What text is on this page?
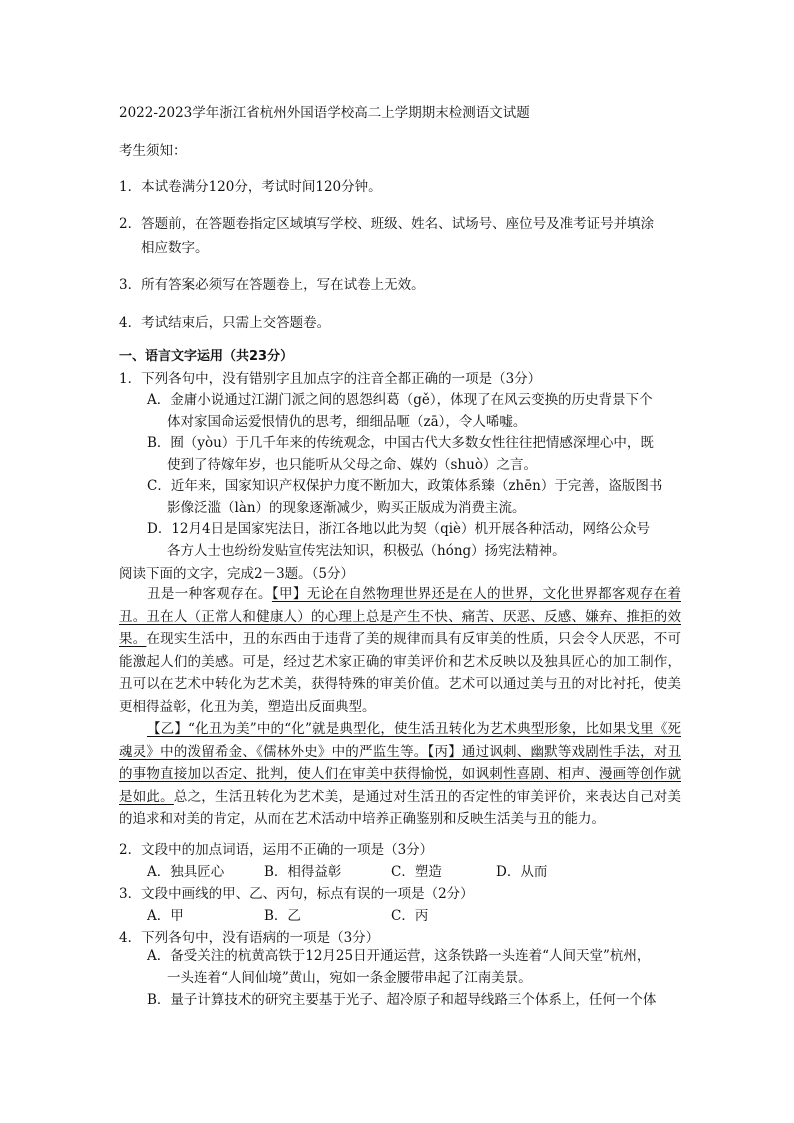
2022-2023学年浙江省杭州外国语学校高二上学期期末检测语文试题
考生须知：
1．本试卷满分120分，考试时间120分钟。
2．答题前，在答题卷指定区域填写学校、班级、姓名、试场号、座位号及准考证号并填涂
相应数字。
3．所有答案必须写在答题卷上，写在试卷上无效。
4．考试结束后，只需上交答题卷。
一、语言文字运用（共23分）
1．下列各句中，没有错别字且加点字的注音全都正确的一项是（3分）
A．金庸小说通过江湖门派之间的恩怨纠葛（gě），体现了在风云变换的历史背景下个
体对家国命运爱恨情仇的思考，细细品咂（zā），令人唏嘘。
B．囿（yòu）于几千年来的传统观念，中国古代大多数女性往往把情感深埋心中，既
使到了待嫁年岁，也只能听从父母之命、媒妁（shuò）之言。
C．近年来，国家知识产权保护力度不断加大，政策体系臻（zhēn）于完善，盗版图书
影像泛滥（làn）的现象逐渐减少，购买正版成为消费主流。
D．12月4日是国家宪法日，浙江各地以此为契（qiè）机开展各种活动，网络公众号
各方人士也纷纷发贴宣传宪法知识，积极弘（hóng）扬宪法精神。
阅读下面的文字，完成2－3题。（5分）
丑是一种客观存在。【甲】无论在自然物理世界还是在人的世界，文化世界都客观存在着丑。丑在人（正常人和健康人）的心理上总是产生不快、痛苦、厌恶、反感、嫌弃、推拒的效果。在现实生活中，丑的东西由于违背了美的规律而具有反审美的性质，只会令人厌恶，不可能激起人们的美感。可是，经过艺术家正确的审美评价和艺术反映以及独具匠心的加工制作，丑可以在艺术中转化为艺术美，获得特殊的审美价值。艺术可以通过美与丑的对比衬托，使美更相得益彰，化丑为美，塑造出反面典型。
【乙】“化丑为美”中的“化”就是典型化，使生活丑转化为艺术典型形象，比如果戈里《死魂灵》中的泼留希金、《儒林外史》中的严监生等。【丙】通过讽刺、幽默等戏剧性手法，对丑的事物直接加以否定、批判，使人们在审美中获得愉悦，如讽刺性喜剧、相声、漫画等创作就是如此。总之，生活丑转化为艺术美，是通过对生活丑的否定性的审美评价，来表达自己对美的追求和对美的肯定，从而在艺术活动中培养正确鉴别和反映生活美与丑的能力。
2．文段中的加点词语，运用不正确的一项是（3分）
A．独具匠心	B．相得益彰	C．塑造	D．从而
3．文段中画线的甲、乙、丙句，标点有误的一项是（2分）
A．甲	B．乙	C．丙
4．下列各句中，没有语病的一项是（3分）
A．备受关注的杭黄高铁于12月25日开通运营，这条铁路一头连着“人间天堂”杭州，
一头连着“人间仙境”黄山，宛如一条金腰带串起了江南美景。
B．量子计算技术的研究主要基于光子、超冷原子和超导线路三个体系上，任何一个体
